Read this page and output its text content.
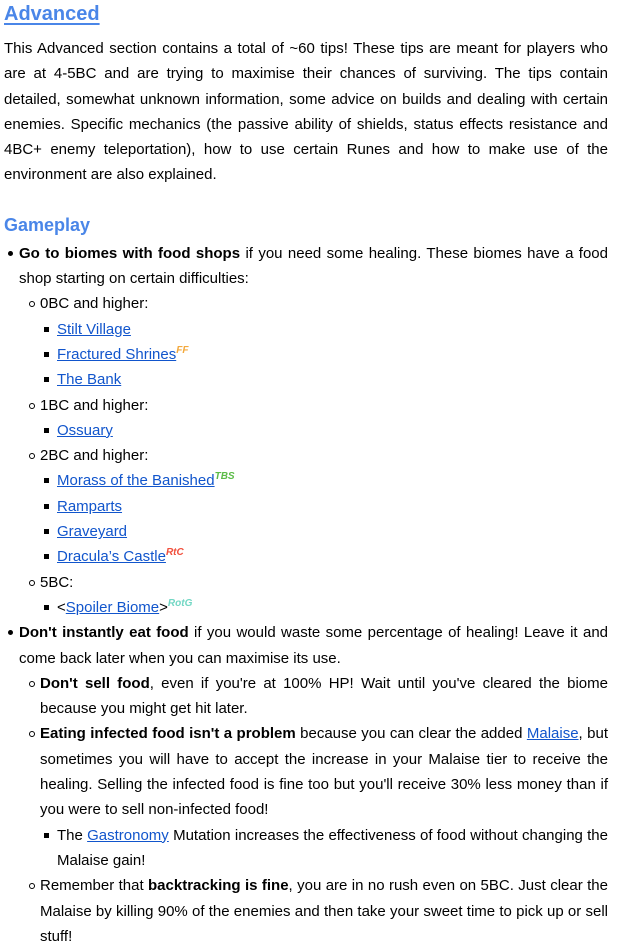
Advanced

This Advanced section contains a total of ~60 tips! These tips are meant for players who are at 4-5BC and are trying to maximise their chances of surviving. The tips contain detailed, somewhat unknown information, some advice on builds and dealing with certain enemies. Specific mechanics (the passive ability of shields, status effects resistance and 4BC+ enemy teleportation), how to use certain Runes and how to make use of the environment are also explained.

Gameplay
Go to biomes with food shops if you need some healing. These biomes have a food shop starting on certain difficulties:
0BC and higher:
Stilt Village
Fractured Shrines$^{FF}$
The Bank
1BC and higher:
Ossuary
2BC and higher:
Morass of the Banished$^{TBS}$
Ramparts
Graveyard
Dracula’s Castle$^{RtC}$
5BC:
<Spoiler Biome>$^{RotG}$
Don't instantly eat food if you would waste some percentage of healing! Leave it and come back later when you can maximise its use.
Don't sell food, even if you're at 100% HP! Wait until you've cleared the biome because you might get hit later.
Eating infected food isn't a problem because you can clear the added Malaise, but sometimes you will have to accept the increase in your Malaise tier to receive the healing. Selling the infected food is fine too but you'll receive 30% less money than if you were to sell non-infected food!
The Gastronomy Mutation increases the effectiveness of food without changing the Malaise gain!
Remember that backtracking is fine, you are in no rush even on 5BC. Just clear the Malaise by killing 90% of the enemies and then take your sweet time to pick up or sell stuff!
